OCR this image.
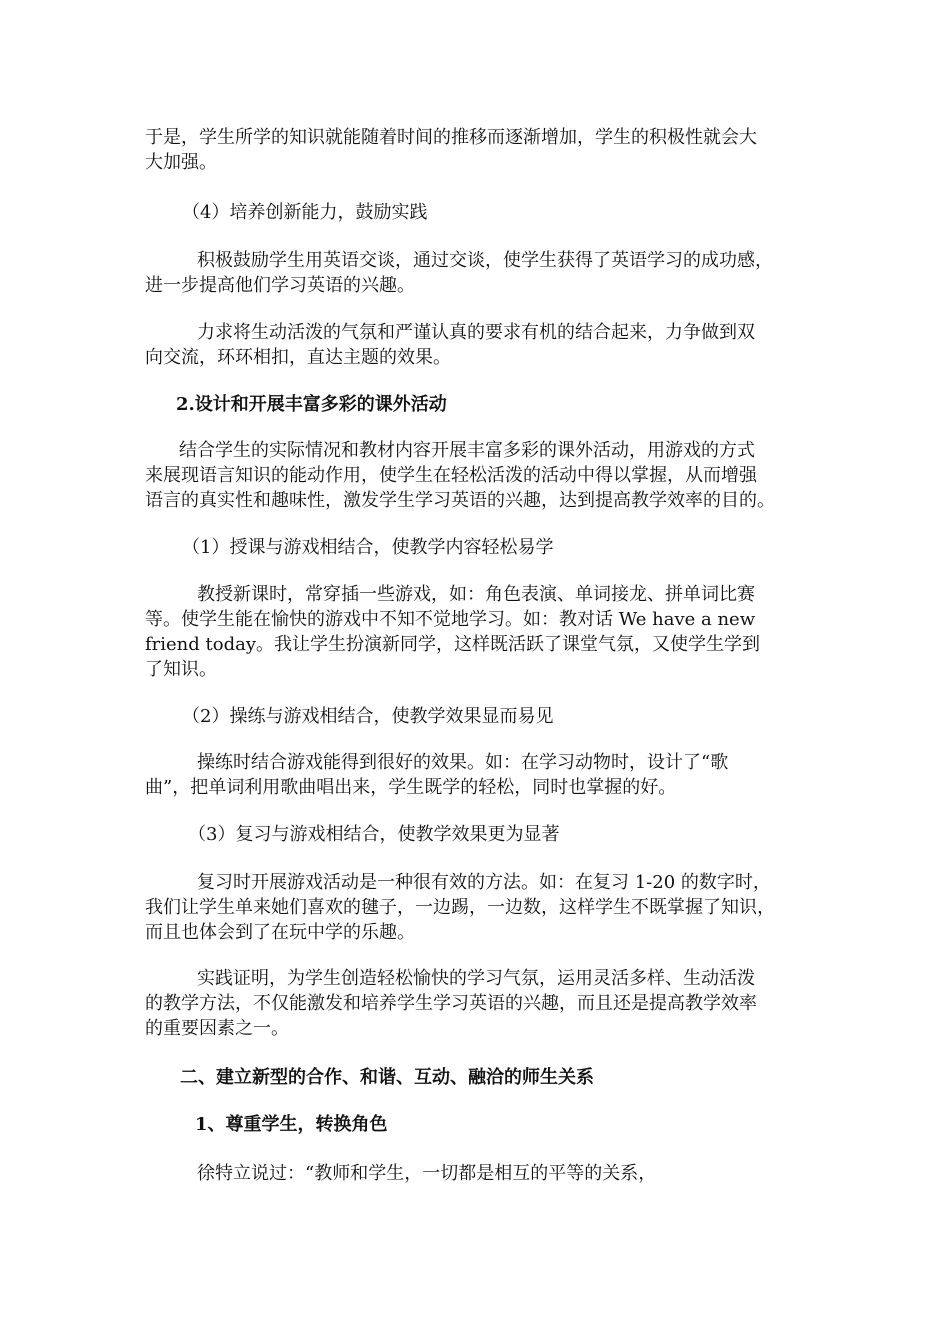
于是，学生所学的知识就能随着时间的推移而逐渐增加，学生的积极性就会大
大加强。
（4）培养创新能力，鼓励实践
积极鼓励学生用英语交谈，通过交谈，使学生获得了英语学习的成功感，
进一步提高他们学习英语的兴趣。
力求将生动活泼的气氛和严谨认真的要求有机的结合起来，力争做到双
向交流，环环相扣，直达主题的效果。
2.设计和开展丰富多彩的课外活动
结合学生的实际情况和教材内容开展丰富多彩的课外活动，用游戏的方式
来展现语言知识的能动作用，使学生在轻松活泼的活动中得以掌握，从而增强
语言的真实性和趣味性，激发学生学习英语的兴趣，达到提高教学效率的目的。
（1）授课与游戏相结合，使教学内容轻松易学
教授新课时，常穿插一些游戏，如：角色表演、单词接龙、拼单词比赛
等。使学生能在愉快的游戏中不知不觉地学习。如：教对话 We have a new
friend today。我让学生扮演新同学，这样既活跃了课堂气氛，又使学生学到
了知识。
（2）操练与游戏相结合，使教学效果显而易见
操练时结合游戏能得到很好的效果。如：在学习动物时，设计了“歌
曲”，把单词利用歌曲唱出来，学生既学的轻松，同时也掌握的好。
（3）复习与游戏相结合，使教学效果更为显著
复习时开展游戏活动是一种很有效的方法。如：在复习 1-20 的数字时，
我们让学生单来她们喜欢的毽子，一边踢，一边数，这样学生不既掌握了知识，
而且也体会到了在玩中学的乐趣。
实践证明，为学生创造轻松愉快的学习气氛，运用灵活多样、生动活泼
的教学方法，不仅能激发和培养学生学习英语的兴趣，而且还是提高教学效率
的重要因素之一。
二、建立新型的合作、和谐、互动、融洽的师生关系
1、尊重学生，转换角色
徐特立说过：“教师和学生，一切都是相互的平等的关系，
